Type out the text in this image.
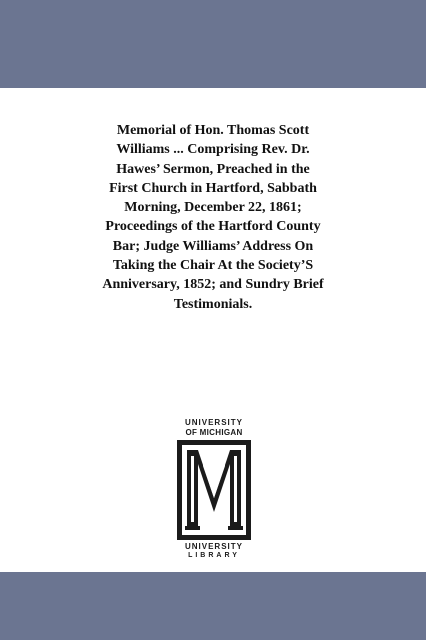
Memorial of Hon. Thomas Scott
Williams ... Comprising Rev. Dr.
Hawes’ Sermon, Preached in the
First Church in Hartford, Sabbath
Morning, December 22, 1861;
Proceedings of the Hartford County
Bar; Judge Williams’ Address On
Taking the Chair At the Society’S
Anniversary, 1852; and Sundry Brief
Testimonials.
UNIVERSITY
OF MICHIGAN
UNIVERSITY
LIBRARY
